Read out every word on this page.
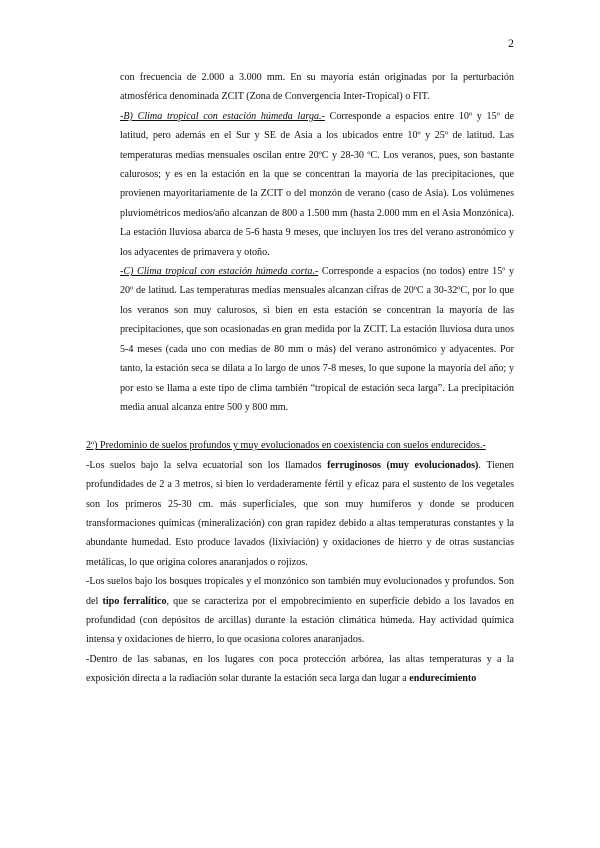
2

con frecuencia de 2.000 a 3.000 mm. En su mayoría están originadas por la perturbación atmosférica denominada ZCIT (Zona de Convergencia Inter-Tropical) o FIT.

-B) Clima tropical con estación húmeda larga.- Corresponde a espacios entre 10º y 15º de latitud, pero además en el Sur y SE de Asia a los ubicados entre 10º y 25º de latitud. Las temperaturas medias mensuales oscilan entre 20ºC y 28-30 ºC. Los veranos, pues, son bastante calurosos; y es en la estación en la que se concentran la mayoría de las precipitaciones, que provienen mayoritariamente de la ZCIT o del monzón de verano (caso de Asia). Los volúmenes pluviométricos medios/año alcanzan de 800 a 1.500 mm (hasta 2.000 mm en el Asia Monzónica). La estación lluviosa abarca de 5-6 hasta 9 meses, que incluyen los tres del verano astronómico y los adyacentes de primavera y otoño.

-C) Clima tropical con estación húmeda corta.- Corresponde a espacios (no todos) entre 15º y 20º de latitud. Las temperaturas medias mensuales alcanzan cifras de 20ºC a 30-32ºC, por lo que los veranos son muy calurosos, si bien en esta estación se concentran la mayoría de las precipitaciones, que son ocasionadas en gran medida por la ZCIT. La estación lluviosa dura unos 5-4 meses (cada uno con medias de 80 mm o más) del verano astronómico y adyacentes. Por tanto, la estación seca se dilata a lo largo de unos 7-8 meses, lo que supone la mayoría del año; y por esto se llama a este tipo de clima también “tropical de estación seca larga”. La precipitación media anual alcanza entre 500 y 800 mm.

2º) Predominio de suelos profundos y muy evolucionados en coexistencia con suelos endurecidos.-

-Los suelos bajo la selva ecuatorial son los llamados ferruginosos (muy evolucionados). Tienen profundidades de 2 a 3 metros, si bien lo verdaderamente fértil y eficaz para el sustento de los vegetales son los primeros 25-30 cm. más superficiales, que son muy humíferos y donde se producen transformaciones químicas (mineralización) con gran rapidez debido a altas temperaturas constantes y la abundante humedad. Esto produce lavados (lixiviación) y oxidaciones de hierro y de otras sustancias metálicas, lo que origina colores anaranjados o rojizos.

-Los suelos bajo los bosques tropicales y el monzónico son también muy evolucionados y profundos. Son del tipo ferralítico, que se caracteriza por el empobrecimiento en superficie debido a los lavados en profundidad (con depósitos de arcillas) durante la estación climática húmeda. Hay actividad química intensa y oxidaciones de hierro, lo que ocasiona colores anaranjados.

-Dentro de las sabanas, en los lugares con poca protección arbórea, las altas temperaturas y a la exposición directa a la radiación solar durante la estación seca larga dan lugar a endurecimiento
